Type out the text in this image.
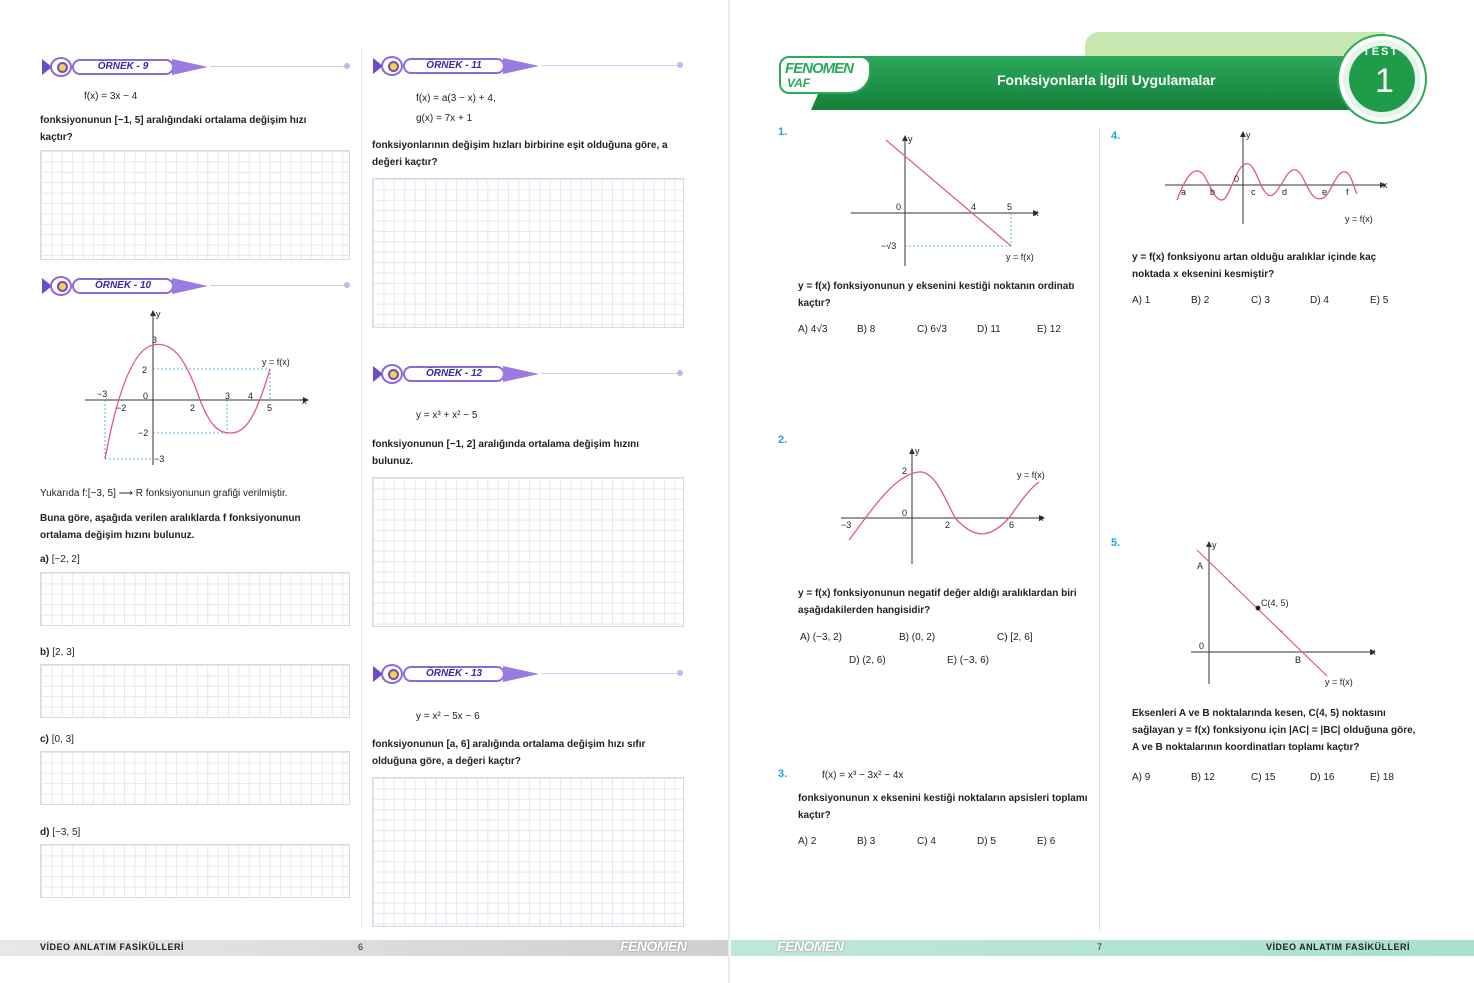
ÖRNEK - 9
f(x) = 3x − 4
fonksiyonunun [−1, 5] aralığındaki ortalama değişim hızı kaçtır?
ÖRNEK - 10
−3
−2
0
2
3 4
5
x
y
3
2
−2
−3
y = f(x)
Yukarıda f:[−3, 5] ⟶ R fonksiyonunun grafiği verilmiştir.
Buna göre, aşağıda verilen aralıklarda f fonksiyonunun ortalama değişim hızını bulunuz.
a) [−2, 2]
b) [2, 3]
c) [0, 3]
d) [−3, 5]
ÖRNEK - 11
f(x) = a(3 − x) + 4,
g(x) = 7x + 1
fonksiyonlarının değişim hızları birbirine eşit olduğuna göre, a değeri kaçtır?
ÖRNEK - 12
y = x³ + x² − 5
fonksiyonunun [−1, 2] aralığında ortalama değişim hızını bulunuz.
ÖRNEK - 13
y = x² − 5x − 6
fonksiyonunun [a, 6] aralığında ortalama değişim hızı sıfır olduğuna göre, a değeri kaçtır?
VİDEO ANLATIM FASİKÜLLERİ	6	FENOMEN
FENOMEN
VAF	Fonksiyonlarla İlgili Uygulamalar
TEST
1
1.
y
x
0	4	5
−√3
y = f(x)
y = f(x) fonksiyonunun y eksenini kestiği noktanın ordinatı kaçtır?
A) 4√3	B) 8	C) 6√3	D) 11	E) 12
2.
y
x
2
0
−3	2	6
y = f(x)
y = f(x) fonksiyonunun negatif değer aldığı aralıklardan biri aşağıdakilerden hangisidir?
A) (−3, 2)	B) (0, 2)	C) [2, 6]
D) (2, 6)	E) (−3, 6)
3.	f(x) = x³ − 3x² − 4x
fonksiyonunun x eksenini kestiği noktaların apsisleri toplamı kaçtır?
A) 2	B) 3	C) 4	D) 5	E) 6
4.	y
x
a	b
0
c	d	e f
y = f(x)
y = f(x) fonksiyonu artan olduğu aralıklar içinde kaç noktada x eksenini kesmiştir?
A) 1	B) 2	C) 3	D) 4	E) 5
5.	y
x
A
0
C(4, 5)
B
y = f(x)
Eksenleri A ve B noktalarında kesen, C(4, 5) noktasını sağlayan y = f(x) fonksiyonu için |AC| = |BC| olduğuna göre, A ve B noktalarının koordinatları toplamı kaçtır?
A) 9	B) 12	C) 15	D) 16	E) 18
FENOMEN	7	VİDEO ANLATIM FASİKÜLLERİ
